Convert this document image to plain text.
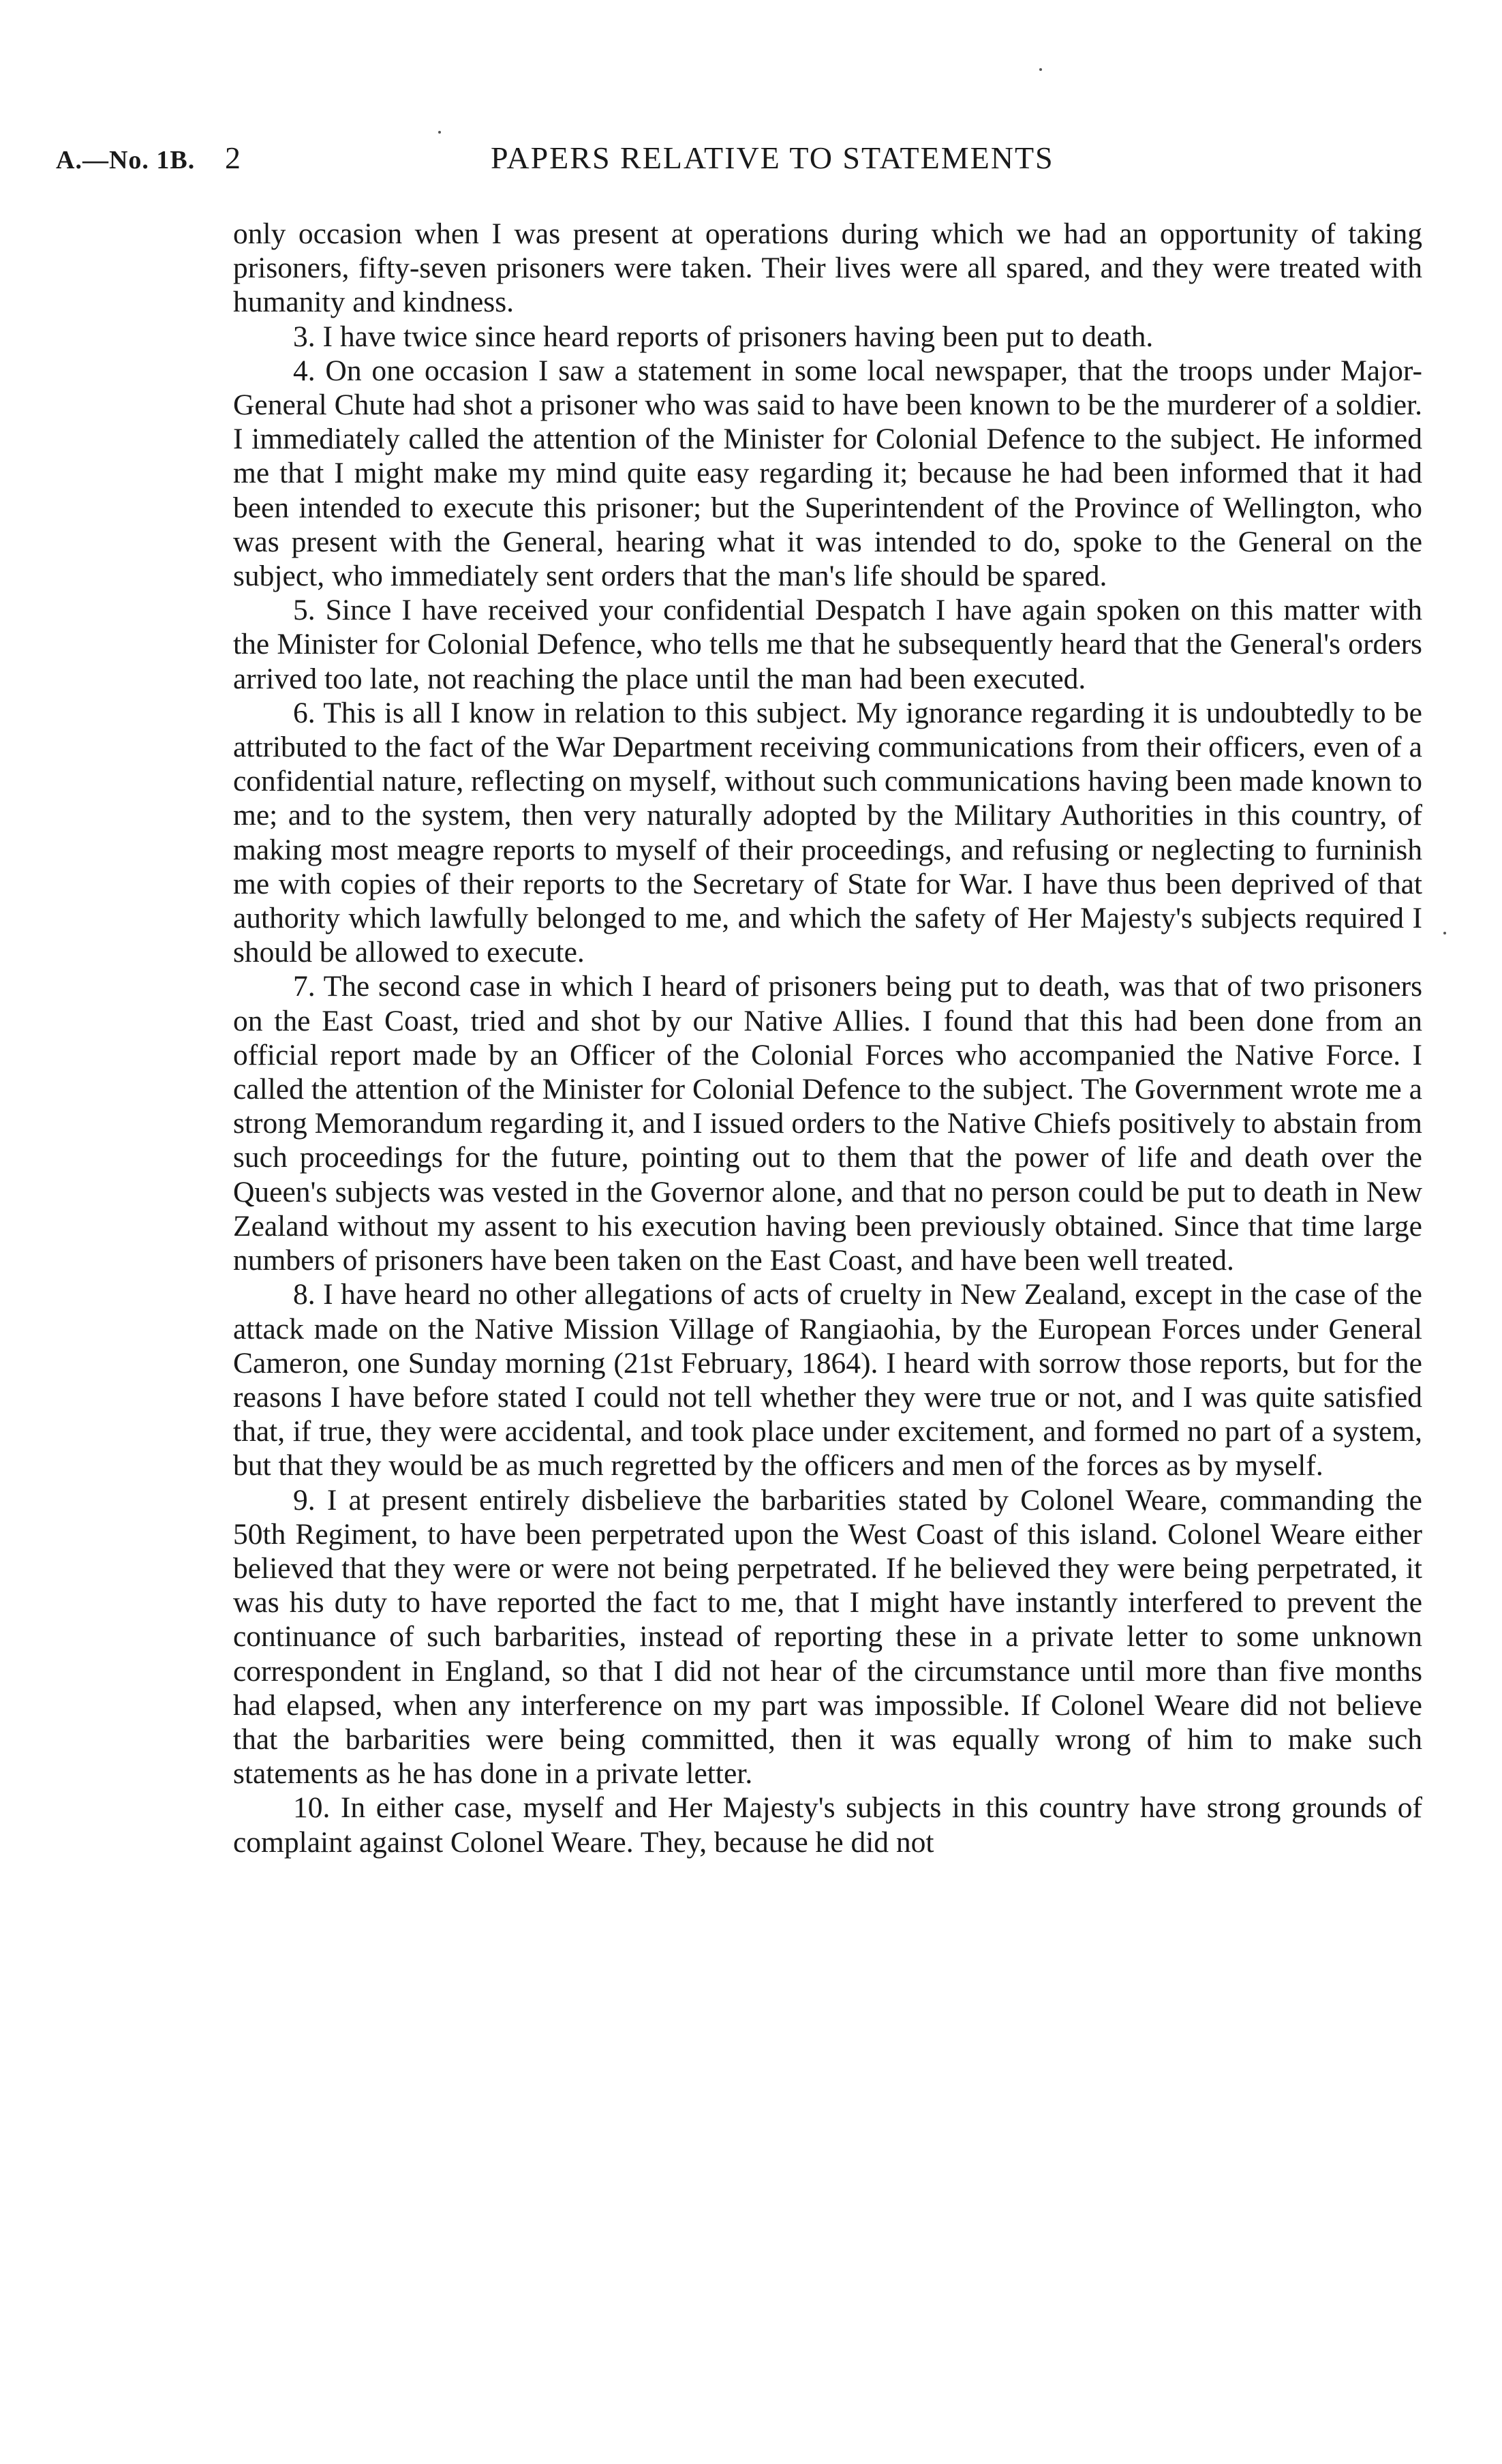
A.—No. 1B. 2	PAPERS RELATIVE TO STATEMENTS

only occasion when I was present at operations during which we had an opportunity of taking prisoners, fifty-seven prisoners were taken. Their lives were all spared, and they were treated with humanity and kindness.

3. I have twice since heard reports of prisoners having been put to death.

4. On one occasion I saw a statement in some local newspaper, that the troops under Major-General Chute had shot a prisoner who was said to have been known to be the murderer of a soldier. I immediately called the attention of the Minister for Colonial Defence to the subject. He informed me that I might make my mind quite easy regarding it; because he had been informed that it had been intended to execute this prisoner; but the Superintendent of the Province of Wellington, who was present with the General, hearing what it was intended to do, spoke to the General on the subject, who immediately sent orders that the man's life should be spared.

5. Since I have received your confidential Despatch I have again spoken on this matter with the Minister for Colonial Defence, who tells me that he subsequently heard that the General's orders arrived too late, not reaching the place until the man had been executed.

6. This is all I know in relation to this subject. My ignorance regarding it is undoubtedly to be attributed to the fact of the War Department receiving communications from their officers, even of a confidential nature, reflecting on myself, without such communications having been made known to me; and to the system, then very naturally adopted by the Military Authorities in this country, of making most meagre reports to myself of their proceedings, and refusing or neglecting to furninish me with copies of their reports to the Secretary of State for War. I have thus been deprived of that authority which lawfully belonged to me, and which the safety of Her Majesty's subjects required I should be allowed to execute.

7. The second case in which I heard of prisoners being put to death, was that of two prisoners on the East Coast, tried and shot by our Native Allies. I found that this had been done from an official report made by an Officer of the Colonial Forces who accompanied the Native Force. I called the attention of the Minister for Colonial Defence to the subject. The Government wrote me a strong Memorandum regarding it, and I issued orders to the Native Chiefs positively to abstain from such proceedings for the future, pointing out to them that the power of life and death over the Queen's subjects was vested in the Governor alone, and that no person could be put to death in New Zealand without my assent to his execution having been previously obtained. Since that time large numbers of prisoners have been taken on the East Coast, and have been well treated.

8. I have heard no other allegations of acts of cruelty in New Zealand, except in the case of the attack made on the Native Mission Village of Rangiaohia, by the European Forces under General Cameron, one Sunday morning (21st February, 1864). I heard with sorrow those reports, but for the reasons I have before stated I could not tell whether they were true or not, and I was quite satisfied that, if true, they were accidental, and took place under excitement, and formed no part of a system, but that they would be as much regretted by the officers and men of the forces as by myself.

9. I at present entirely disbelieve the barbarities stated by Colonel Weare, commanding the 50th Regiment, to have been perpetrated upon the West Coast of this island. Colonel Weare either believed that they were or were not being perpetrated. If he believed they were being perpetrated, it was his duty to have reported the fact to me, that I might have instantly interfered to prevent the continuance of such barbarities, instead of reporting these in a private letter to some unknown correspondent in England, so that I did not hear of the circumstance until more than five months had elapsed, when any interference on my part was impossible. If Colonel Weare did not believe that the barbarities were being committed, then it was equally wrong of him to make such statements as he has done in a private letter.

10. In either case, myself and Her Majesty's subjects in this country have strong grounds of complaint against Colonel Weare. They, because he did not
